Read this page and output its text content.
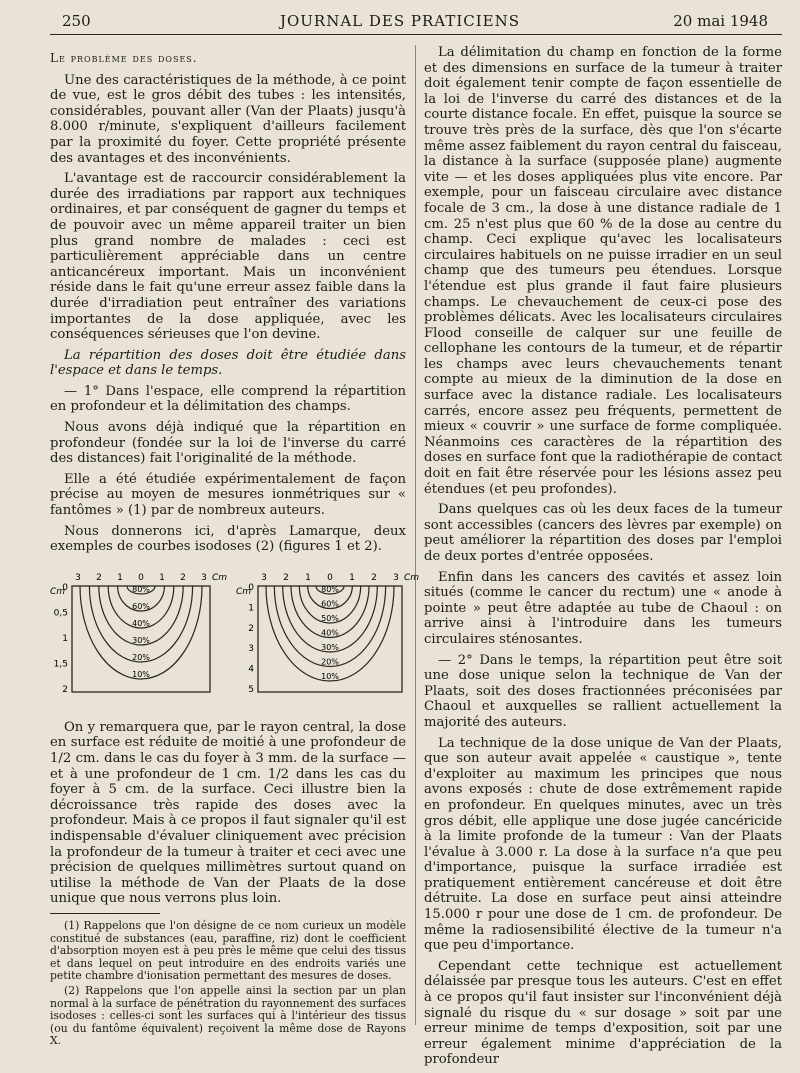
250	JOURNAL DES PRATICIENS	20 mai 1948

Le problème des doses.

Une des caractéristiques de la méthode, à ce point de vue, est le gros débit des tubes : les intensités, considérables, pouvant aller (Van der Plaats) jusqu'à 8.000 r/minute, s'expliquent d'ailleurs facilement par la proximité du foyer. Cette propriété présente des avantages et des inconvénients.

L'avantage est de raccourcir considérablement la durée des irradiations par rapport aux techniques ordinaires, et par conséquent de gagner du temps et de pouvoir avec un même appareil traiter un bien plus grand nombre de malades : ceci est particulièrement appréciable dans un centre anticancéreux important. Mais un inconvénient réside dans le fait qu'une erreur assez faible dans la durée d'irradiation peut entraîner des variations importantes de la dose appliquée, avec les conséquences sérieuses que l'on devine.

La répartition des doses doit être étudiée dans l'espace et dans le temps.

— 1° Dans l'espace, elle comprend la répartition en profondeur et la délimitation des champs.

Nous avons déjà indiqué que la répartition en profondeur (fondée sur la loi de l'inverse du carré des distances) fait l'originalité de la méthode.

Elle a été étudiée expérimentalement de façon précise au moyen de mesures ionmétriques sur « fantômes » (1) par de nombreux auteurs.

Nous donnerons ici, d'après Lamarque, deux exemples de courbes isodoses (2) (figures 1 et 2).

3 2 1 0 1 2 3 Cm
Cm
0
0,5
1
1,5
2
80%
60%
40%
30%
20%
10%
3 2 1 0 1 2 3 Cm
Cm
0
1
2
3
4
5
80%
60%
50%
40%
30%
20%
10%

On y remarquera que, par le rayon central, la dose en surface est réduite de moitié à une profondeur de 1/2 cm. dans le cas du foyer à 3 mm. de la surface — et à une profondeur de 1 cm. 1/2 dans les cas du foyer à 5 cm. de la surface. Ceci illustre bien la décroissance très rapide des doses avec la profondeur. Mais à ce propos il faut signaler qu'il est indispensable d'évaluer cliniquement avec précision la profondeur de la tumeur à traiter et ceci avec une précision de quelques millimètres surtout quand on utilise la méthode de Van der Plaats de la dose unique que nous verrons plus loin.

(1) Rappelons que l'on désigne de ce nom curieux un modèle constitué de substances (eau, paraffine, riz) dont le coefficient d'absorption moyen est à peu près le même que celui des tissus et dans lequel on peut introduire en des endroits variés une petite chambre d'ionisation permettant des mesures de doses.

(2) Rappelons que l'on appelle ainsi la section par un plan normal à la surface de pénétration du rayonnement des surfaces isodoses : celles-ci sont les surfaces qui à l'intérieur des tissus (ou du fantôme équivalent) reçoivent la même dose de Rayons X.

La délimitation du champ en fonction de la forme et des dimensions en surface de la tumeur à traiter doit également tenir compte de façon essentielle de la loi de l'inverse du carré des distances et de la courte distance focale. En effet, puisque la source se trouve très près de la surface, dès que l'on s'écarte même assez faiblement du rayon central du faisceau, la distance à la surface (supposée plane) augmente vite — et les doses appliquées plus vite encore. Par exemple, pour un faisceau circulaire avec distance focale de 3 cm., la dose à une distance radiale de 1 cm. 25 n'est plus que 60 % de la dose au centre du champ. Ceci explique qu'avec les localisateurs circulaires habituels on ne puisse irradier en un seul champ que des tumeurs peu étendues. Lorsque l'étendue est plus grande il faut faire plusieurs champs. Le chevauchement de ceux-ci pose des problèmes délicats. Avec les localisateurs circulaires Flood conseille de calquer sur une feuille de cellophane les contours de la tumeur, et de répartir les champs avec leurs chevauchements tenant compte au mieux de la diminution de la dose en surface avec la distance radiale. Les localisateurs carrés, encore assez peu fréquents, permettent de mieux « couvrir » une surface de forme compliquée. Néanmoins ces caractères de la répartition des doses en surface font que la radiothérapie de contact doit en fait être réservée pour les lésions assez peu étendues (et peu profondes).

Dans quelques cas où les deux faces de la tumeur sont accessibles (cancers des lèvres par exemple) on peut améliorer la répartition des doses par l'emploi de deux portes d'entrée opposées.

Enfin dans les cancers des cavités et assez loin situés (comme le cancer du rectum) une « anode à pointe » peut être adaptée au tube de Chaoul : on arrive ainsi à l'introduire dans les tumeurs circulaires sténosantes.

— 2° Dans le temps, la répartition peut être soit une dose unique selon la technique de Van der Plaats, soit des doses fractionnées préconisées par Chaoul et auxquelles se rallient actuellement la majorité des auteurs.

La technique de la dose unique de Van der Plaats, que son auteur avait appelée « caustique », tente d'exploiter au maximum les principes que nous avons exposés : chute de dose extrêmement rapide en profondeur. En quelques minutes, avec un très gros débit, elle applique une dose jugée cancéricide à la limite profonde de la tumeur : Van der Plaats l'évalue à 3.000 r. La dose à la surface n'a que peu d'importance, puisque la surface irradiée est pratiquement entièrement cancéreuse et doit être détruite. La dose en surface peut ainsi atteindre 15.000 r pour une dose de 1 cm. de profondeur. De même la radiosensibilité élective de la tumeur n'a que peu d'importance.

Cependant cette technique est actuellement délaissée par presque tous les auteurs. C'est en effet à ce propos qu'il faut insister sur l'inconvénient déjà signalé du risque du « sur dosage » soit par une erreur minime de temps d'exposition, soit par une erreur également minime d'appréciation de la profondeur
